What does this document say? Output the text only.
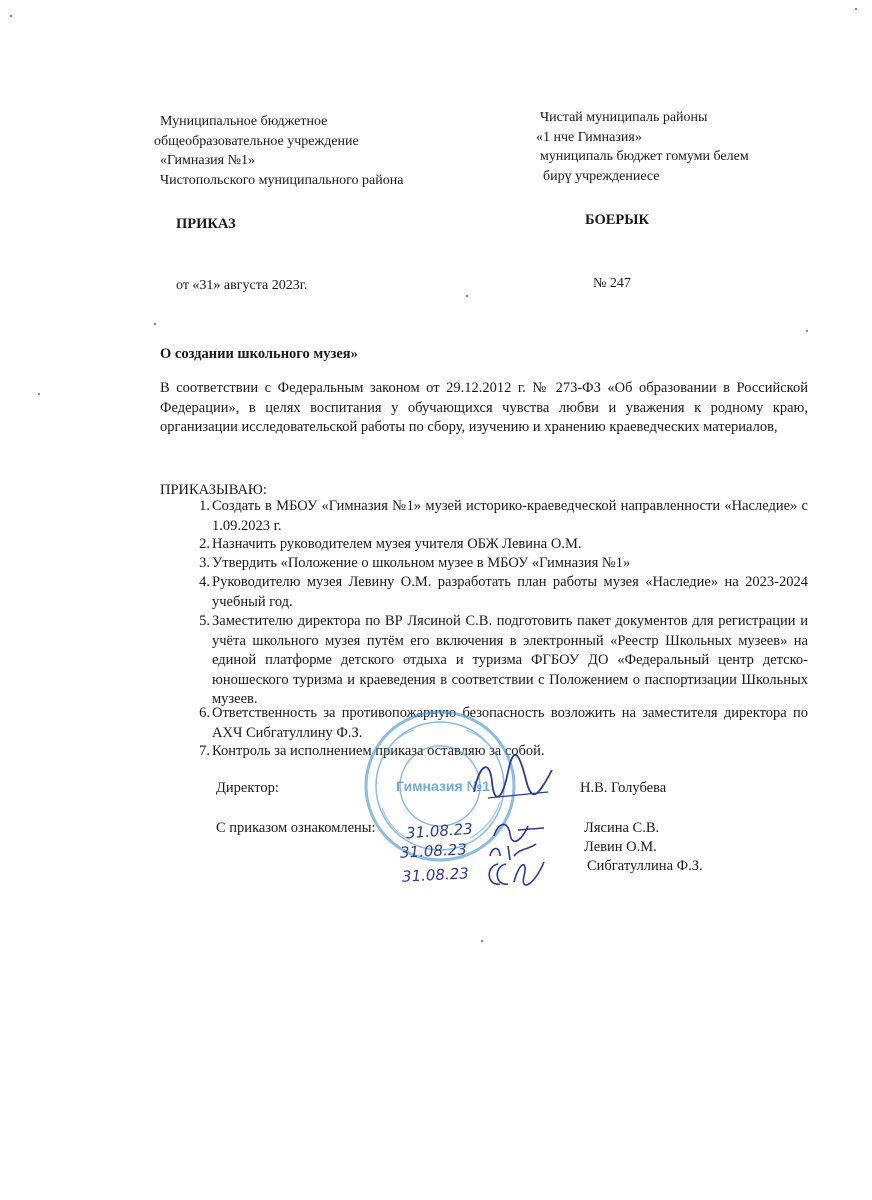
Муниципальное бюджетное
общеобразовательное учреждение
«Гимназия №1»
Чистопольского муниципального района
Чистай муниципаль районы
«1 нче Гимназия»
муниципаль бюджет гомуми белем
бирү учреждениесе
ПРИКАЗ	БОЕРЫК
от «31» августа 2023г.	№ 247
О создании школьного музея»
В соответствии с Федеральным законом от 29.12.2012 г. № 273-ФЗ «Об образовании в Российской Федерации», в целях воспитания у обучающихся чувства любви и уважения к родному краю, организации исследовательской работы по сбору, изучению и хранению краеведческих материалов,
ПРИКАЗЫВАЮ:
1. Создать в МБОУ «Гимназия №1» музей историко-краеведческой направленности «Наследие» с 1.09.2023 г.
2. Назначить руководителем музея учителя ОБЖ Левина О.М.
3. Утвердить «Положение о школьном музее в МБОУ «Гимназия №1»
4. Руководителю музея Левину О.М. разработать план работы музея «Наследие» на 2023-2024 учебный год.
5. Заместителю директора по ВР Лясиной С.В. подготовить пакет документов для регистрации и учёта школьного музея путём его включения в электронный «Реестр Школьных музеев» на единой платформе детского отдыха и туризма ФГБОУ ДО «Федеральный центр детско-юношеского туризма и краеведения в соответствии с Положением о паспортизации Школьных музеев.
6. Ответственность за противопожарную безопасность возложить на заместителя директора по АХЧ Сибгатуллину Ф.З.
7. Контроль за исполнением приказа оставляю за собой.
Гимназия №1
Директор:	Н.В. Голубева
С приказом ознакомлены: 31.08.23
31.08.23
31.08.23
Лясина С.В.
Левин О.М.
Сибгатуллина Ф.З.
